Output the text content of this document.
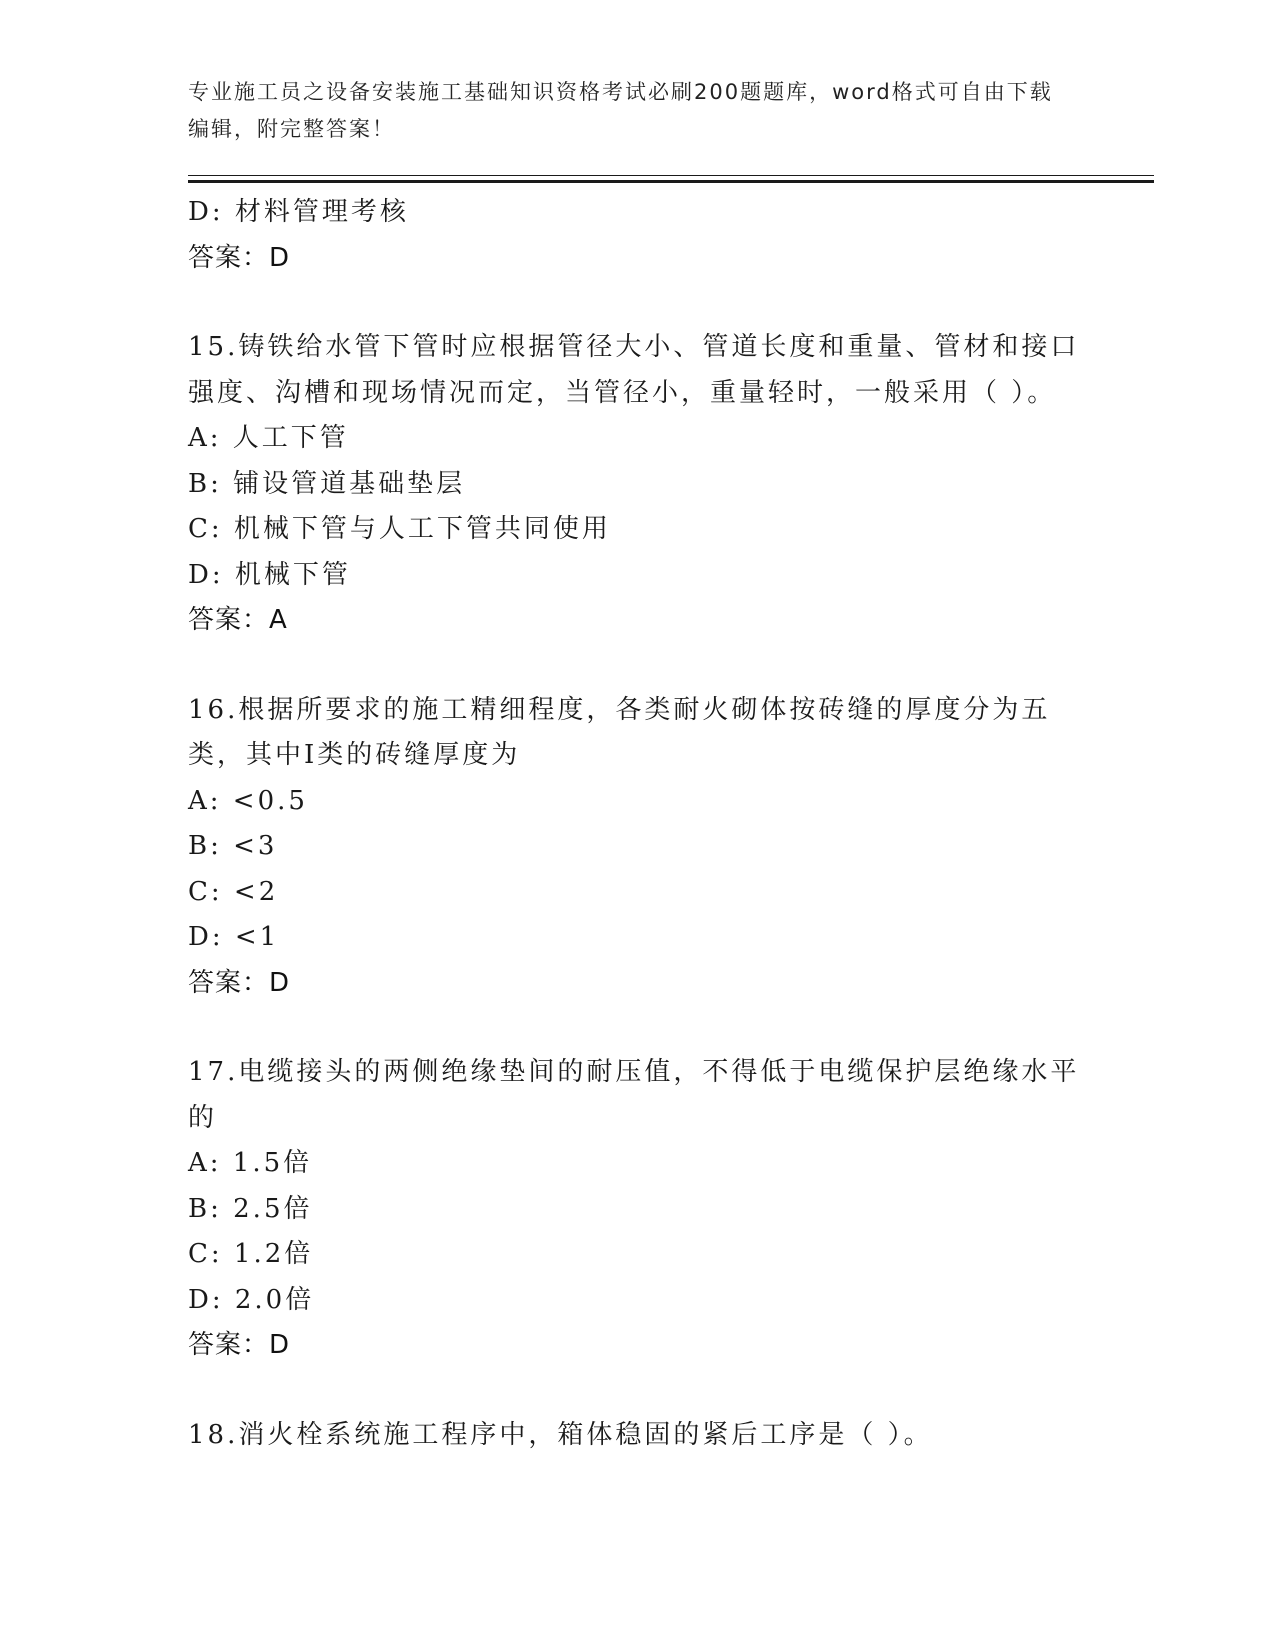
专业施工员之设备安装施工基础知识资格考试必刷200题题库，word格式可自由下载编辑，附完整答案！
D: 材料管理考核
答案：D
15.铸铁给水管下管时应根据管径大小、管道长度和重量、管材和接口强度、沟槽和现场情况而定，当管径小，重量轻时，一般采用（ ）。
A: 人工下管
B: 铺设管道基础垫层
C: 机械下管与人工下管共同使用
D: 机械下管
答案：A
16.根据所要求的施工精细程度，各类耐火砌体按砖缝的厚度分为五类，其中Ⅰ类的砖缝厚度为
A: <0.5
B: <3
C: <2
D: <1
答案：D
17.电缆接头的两侧绝缘垫间的耐压值，不得低于电缆保护层绝缘水平的
A: 1.5倍
B: 2.5倍
C: 1.2倍
D: 2.0倍
答案：D
18.消火栓系统施工程序中，箱体稳固的紧后工序是（ ）。
